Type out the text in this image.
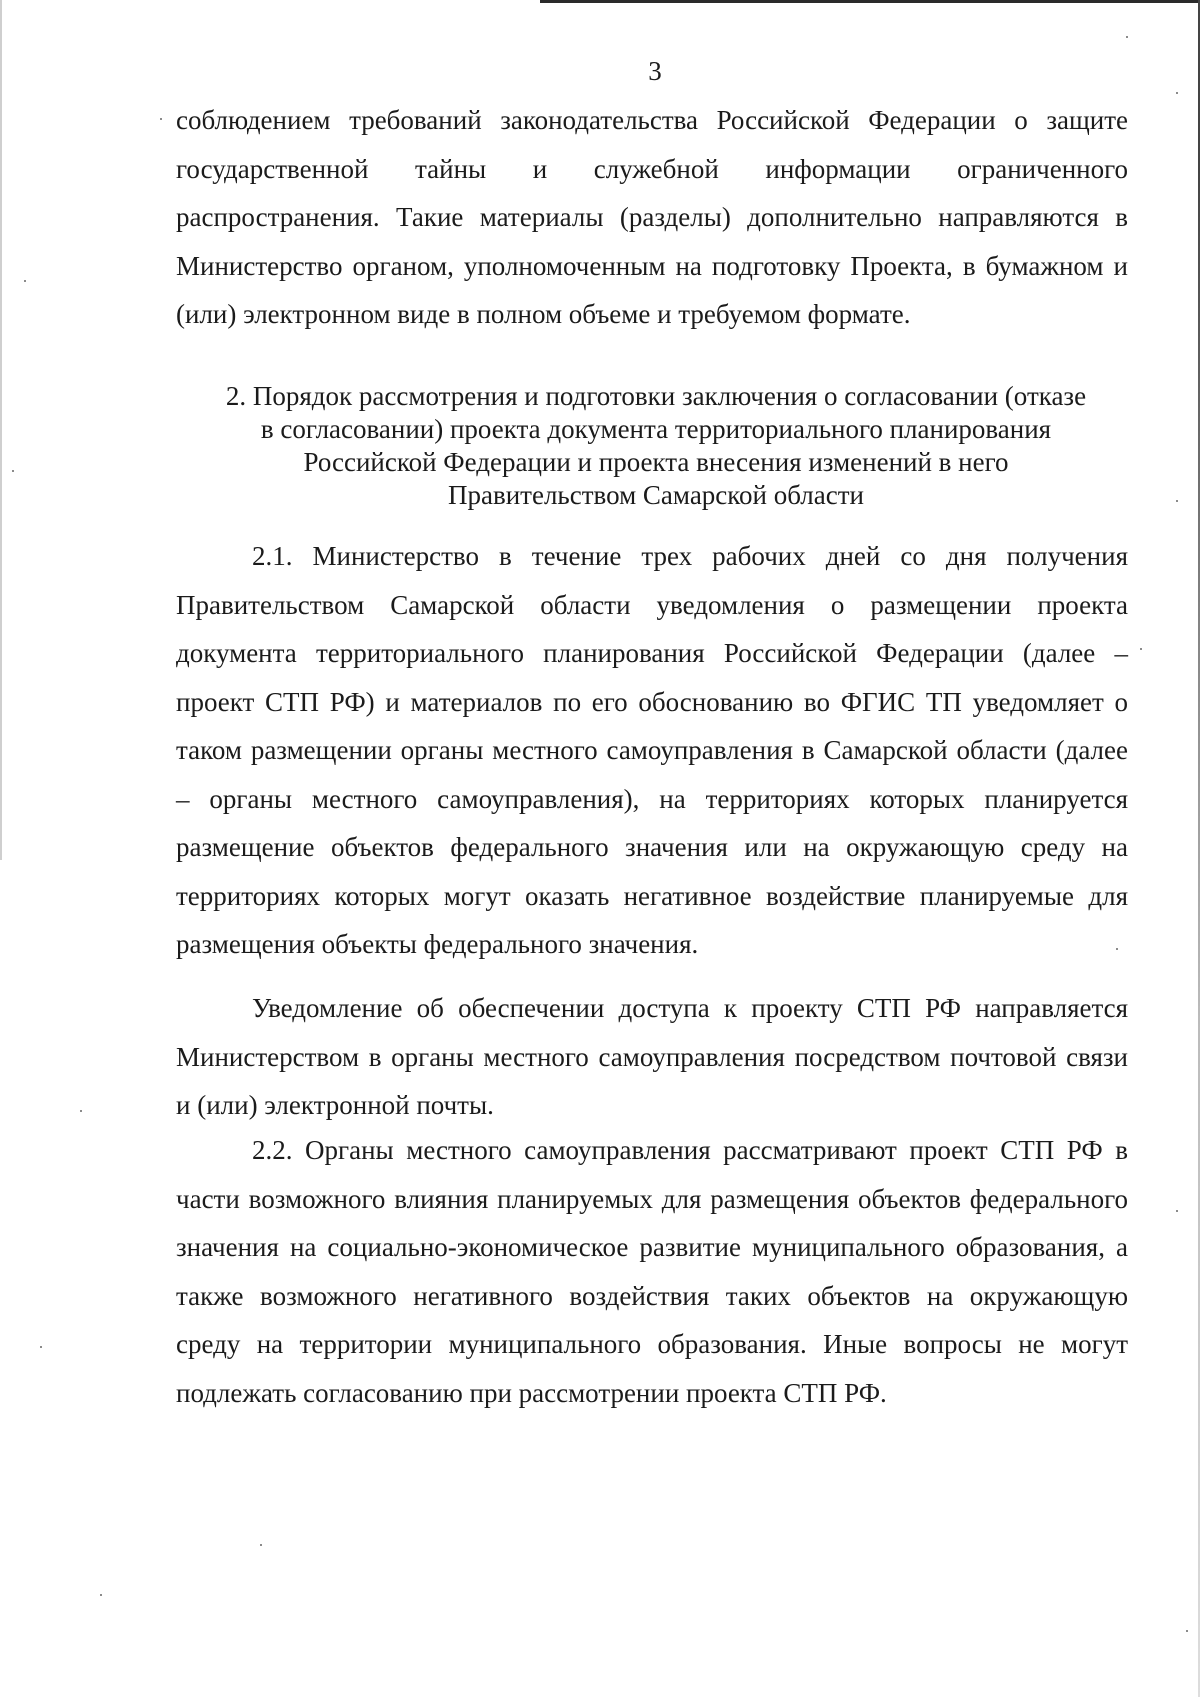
3

соблюдением требований законодательства Российской Федерации о защите государственной тайны и служебной информации ограниченного распространения. Такие материалы (разделы) дополнительно направляются в Министерство органом, уполномоченным на подготовку Проекта, в бумажном и (или) электронном виде в полном объеме и требуемом формате.

2. Порядок рассмотрения и подготовки заключения о согласовании (отказе
в согласовании) проекта документа территориального планирования
Российской Федерации и проекта внесения изменений в него
Правительством Самарской области

2.1. Министерство в течение трех рабочих дней со дня получения Правительством Самарской области уведомления о размещении проекта документа территориального планирования Российской Федерации (далее – проект СТП РФ) и материалов по его обоснованию во ФГИС ТП уведомляет о таком размещении органы местного самоуправления в Самарской области (далее – органы местного самоуправления), на территориях которых планируется размещение объектов федерального значения или на окружающую среду на территориях которых могут оказать негативное воздействие планируемые для размещения объекты федерального значения.

Уведомление об обеспечении доступа к проекту СТП РФ направляется Министерством в органы местного самоуправления посредством почтовой связи и (или) электронной почты.

2.2. Органы местного самоуправления рассматривают проект СТП РФ в части возможного влияния планируемых для размещения объектов федерального значения на социально-экономическое развитие муниципального образования, а также возможного негативного воздействия таких объектов на окружающую среду на территории муниципального образования. Иные вопросы не могут подлежать согласованию при рассмотрении проекта СТП РФ.
